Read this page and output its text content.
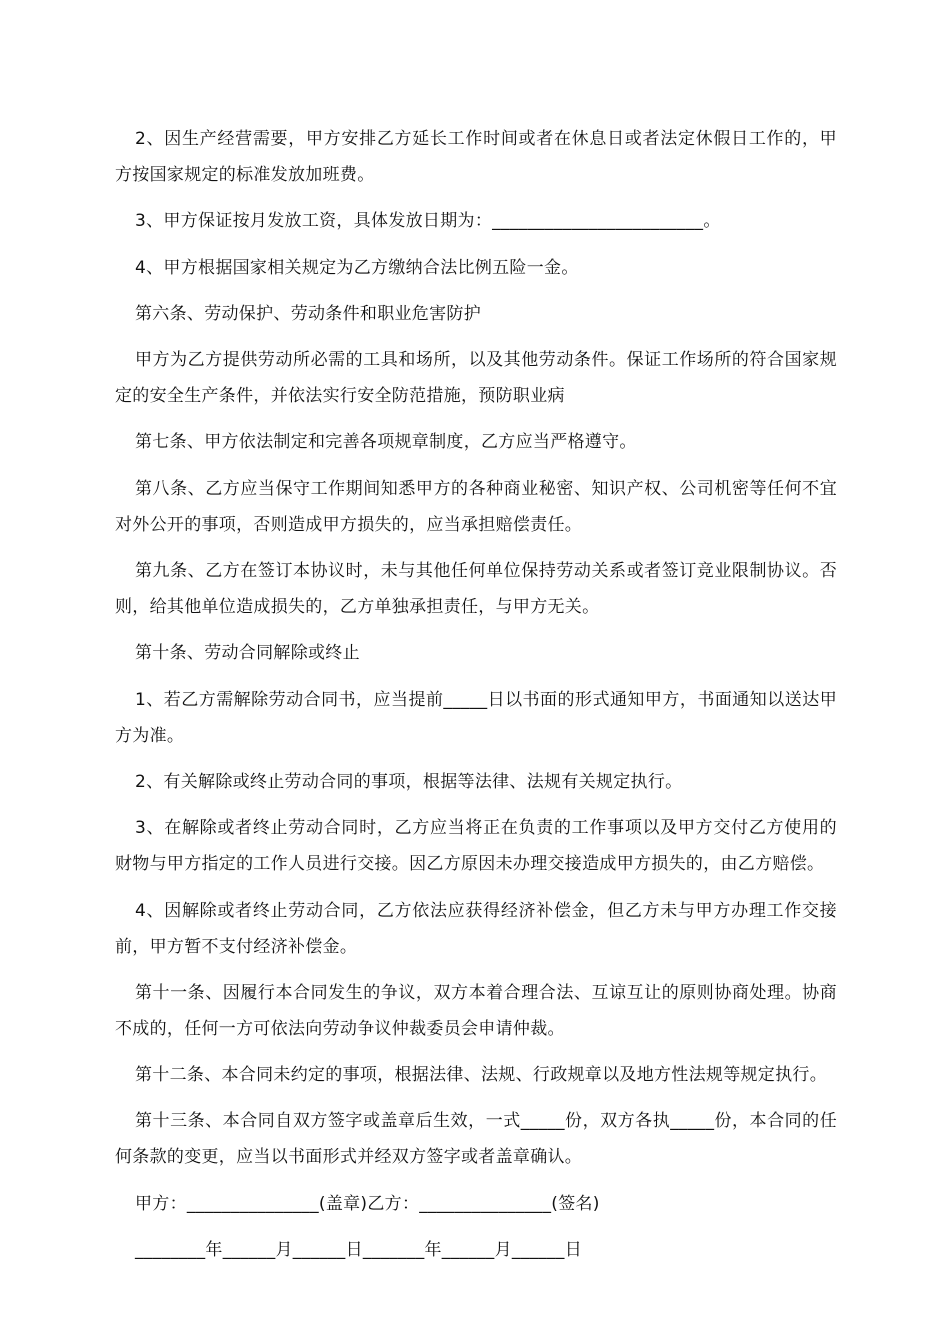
2、因生产经营需要，甲方安排乙方延长工作时间或者在休息日或者法定休假日工作的，甲方按国家规定的标准发放加班费。

3、甲方保证按月发放工资，具体发放日期为：________________________。

4、甲方根据国家相关规定为乙方缴纳合法比例五险一金。

第六条、劳动保护、劳动条件和职业危害防护

甲方为乙方提供劳动所必需的工具和场所，以及其他劳动条件。保证工作场所的符合国家规定的安全生产条件，并依法实行安全防范措施，预防职业病

第七条、甲方依法制定和完善各项规章制度，乙方应当严格遵守。

第八条、乙方应当保守工作期间知悉甲方的各种商业秘密、知识产权、公司机密等任何不宜对外公开的事项，否则造成甲方损失的，应当承担赔偿责任。

第九条、乙方在签订本协议时，未与其他任何单位保持劳动关系或者签订竞业限制协议。否则，给其他单位造成损失的，乙方单独承担责任，与甲方无关。

第十条、劳动合同解除或终止

1、若乙方需解除劳动合同书，应当提前_____日以书面的形式通知甲方，书面通知以送达甲方为准。

2、有关解除或终止劳动合同的事项，根据等法律、法规有关规定执行。

3、在解除或者终止劳动合同时，乙方应当将正在负责的工作事项以及甲方交付乙方使用的财物与甲方指定的工作人员进行交接。因乙方原因未办理交接造成甲方损失的，由乙方赔偿。

4、因解除或者终止劳动合同，乙方依法应获得经济补偿金，但乙方未与甲方办理工作交接前，甲方暂不支付经济补偿金。

第十一条、因履行本合同发生的争议，双方本着合理合法、互谅互让的原则协商处理。协商不成的，任何一方可依法向劳动争议仲裁委员会申请仲裁。

第十二条、本合同未约定的事项，根据法律、法规、行政规章以及地方性法规等规定执行。

第十三条、本合同自双方签字或盖章后生效，一式_____份，双方各执_____份，本合同的任何条款的变更，应当以书面形式并经双方签字或者盖章确认。

甲方：_______________(盖章)乙方：_______________(签名)

________年______月______日_______年______月______日
